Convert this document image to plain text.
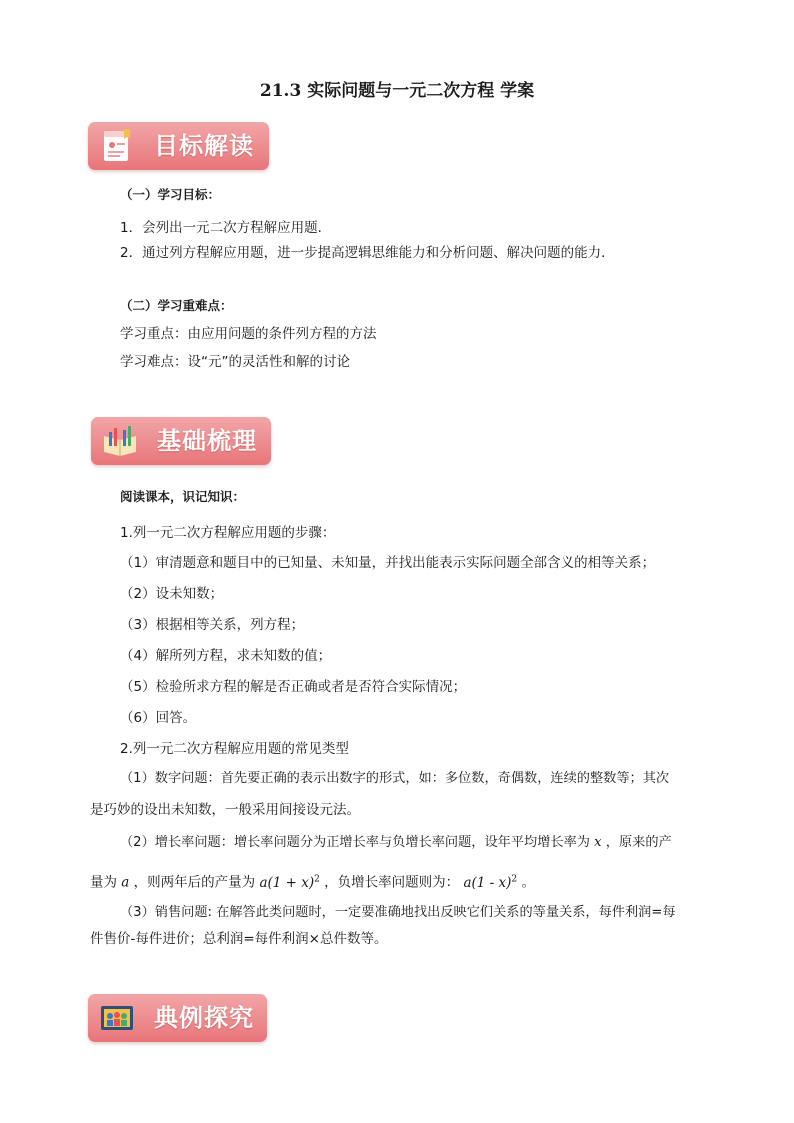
21.3 实际问题与一元二次方程 学案
目标解读
（一）学习目标：
1．会列出一元二次方程解应用题．
2．通过列方程解应用题，进一步提高逻辑思维能力和分析问题、解决问题的能力．
（二）学习重难点：
学习重点：由应用问题的条件列方程的方法
学习难点：设“元”的灵活性和解的讨论
基础梳理
阅读课本，识记知识：
1.列一元二次方程解应用题的步骤：
（1）审清题意和题目中的已知量、未知量，并找出能表示实际问题全部含义的相等关系；
（2）设未知数；
（3）根据相等关系，列方程；
（4）解所列方程，求未知数的值；
（5）检验所求方程的解是否正确或者是否符合实际情况；
（6）回答。
2.列一元二次方程解应用题的常见类型
（1）数字问题：首先要正确的表示出数字的形式，如：多位数，奇偶数，连续的整数等；其次
是巧妙的设出未知数，一般采用间接设元法。
（2）增长率问题：增长率问题分为正增长率与负增长率问题，设年平均增长率为 x ，原来的产
量为 a ，则两年后的产量为 $a(1 + x)^2$ ，负增长率问题则为： a(1 - x)$^2$ 。
（3）销售问题: 在解答此类问题时，一定要准确地找出反映它们关系的等量关系，每件利润=每
件售价-每件进价；总利润=每件利润×总件数等。
典例探究
